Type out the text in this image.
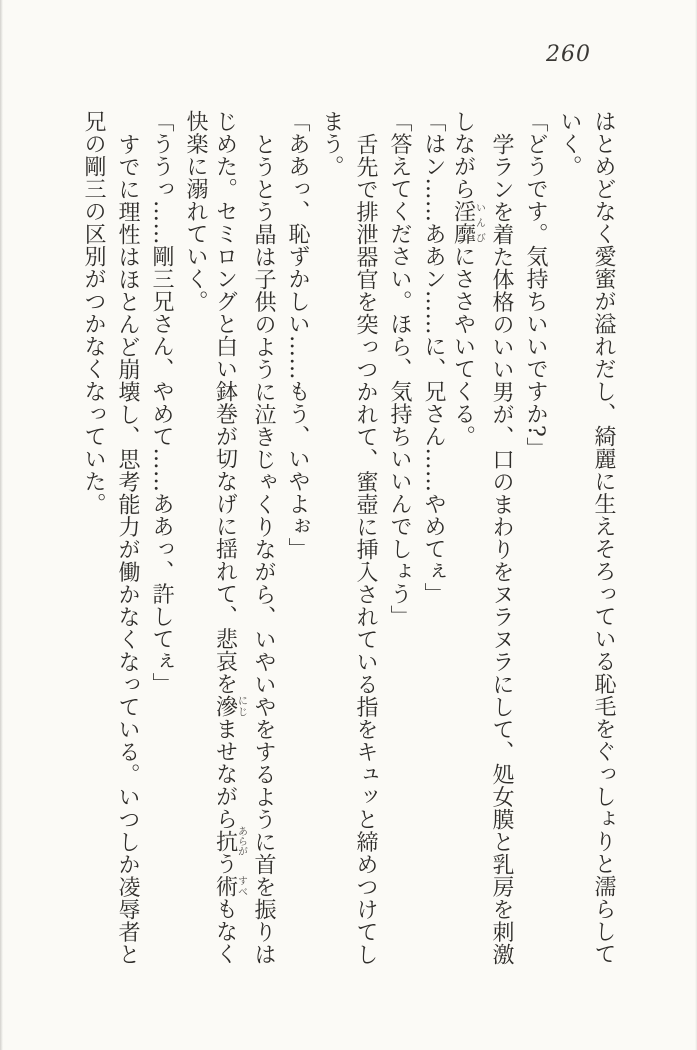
260
はとめどなく愛蜜が溢れだし、綺麗に生えそろっている恥毛をぐっしょりと濡らして
いく。
「どうです。気持ちいいですか?」
学ランを着た体格のいい男が、口のまわりをヌラヌラにして、処女膜と乳房を刺激
しながら淫靡いんびにささやいてくる。
「はン……ああン……に、兄さん……やめてぇ」
「答えてください。ほら、気持ちいいんでしょう」
舌先で排泄器官を突っつかれて、蜜壺に挿入されている指をキュッと締めつけてし
まう。
「ああっ、恥ずかしい……もう、いやよぉ」
とうとう晶は子供のように泣きじゃくりながら、いやいやをするように首を振りは
じめた。セミロングと白い鉢巻が切なげに揺れて、悲哀を滲にじませながら抗あらがう術すべもなく
快楽に溺れていく。
「ううっ……剛三兄さん、やめて……ああっ、許してぇ」
すでに理性はほとんど崩壊し、思考能力が働かなくなっている。いつしか凌辱者と
兄の剛三の区別がつかなくなっていた。
